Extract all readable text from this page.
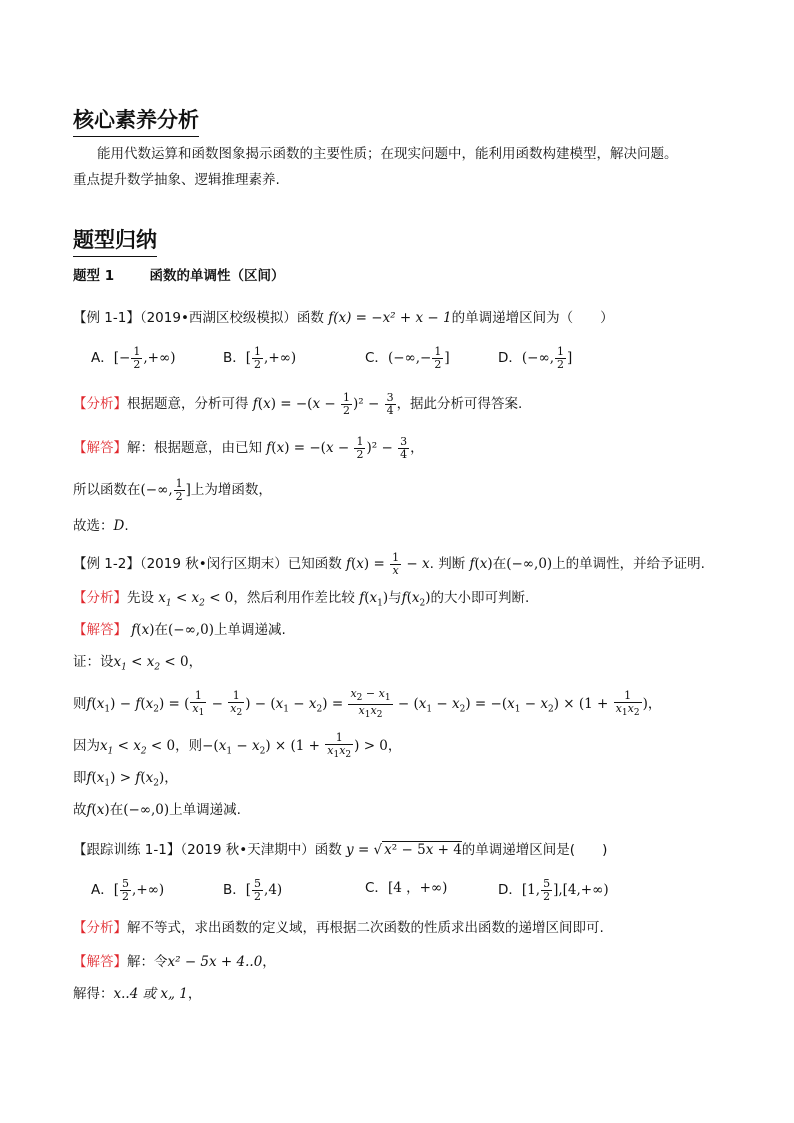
核心素养分析
能用代数运算和函数图象揭示函数的主要性质；在现实问题中，能利用函数构建模型，解决问题。
重点提升数学抽象、逻辑推理素养.
题型归纳
题型 1	函数的单调性（区间）
【例 1-1】（2019•西湖区校级模拟）函数 f(x) = −x² + x − 1的单调递增区间为（　　）
A．[− $\frac{1}{2}$ ,+∞)	B．[ $\frac{1}{2}$ ,+∞)	C．(−∞,− $\frac{1}{2}$ ]	D．(−∞, $\frac{1}{2}$ ]
【分析】根据题意，分析可得 $f(x) = -(x - \frac{1}{2} )^2 - \frac{3}{4}$ ，据此分析可得答案.
【解答】解：根据题意，由已知 $f(x) = -(x - \frac{1}{2} )^2 - \frac{3}{4}$ ，
所以函数在(−∞, $\frac{1}{2}$ ]上为增函数，
故选：D.
【例 1-2】（2019 秋•闵行区期末）已知函数 $f(x) = \frac{1}{x} - x$. 判断 f(x)在(−∞,0)上的单调性，并给予证明.
【分析】先设 $x_1 < x_2 < 0$，然后利用作差比较 $f(x_1)$与$f(x_2)$的大小即可判断.
【解答】 f(x)在(−∞,0)上单调递减.
证：设$x_1 < x_2 < 0$，
则$f(x_1) - f(x_2)$ = ( $\frac{1}{x_1} - \frac{1}{x_2}$ ) − $(x_1 - x_2) = \frac{x_2 - x_1}{x_1x_2} - (x_1 - x_2) = -(x_1 - x_2) \times (1 + \frac{1}{x_1x_2}$ )，
因为$x_1 < x_2 < 0$，则$-(x_1 - x_2) \times (1 + \frac{1}{x_1x_2}$ ) > 0，
即$f(x_1) > f(x_2)$，
故f(x)在(−∞,0)上单调递减.
【跟踪训练 1-1】（2019 秋•天津期中）函数 y = √ x² − 5x + 4的单调递增区间是(　　)
A．[ $\frac{5}{2}$ ,+∞)	B．[ $\frac{5}{2} ,4$)	C．[4 ，+∞)	D．[1, $\frac{5}{2} ],[4,+\infty)$
【分析】解不等式，求出函数的定义域，再根据二次函数的性质求出函数的递增区间即可.
【解答】解：令x² − 5x + 4..0，
解得：x..4 或 x„ 1，
